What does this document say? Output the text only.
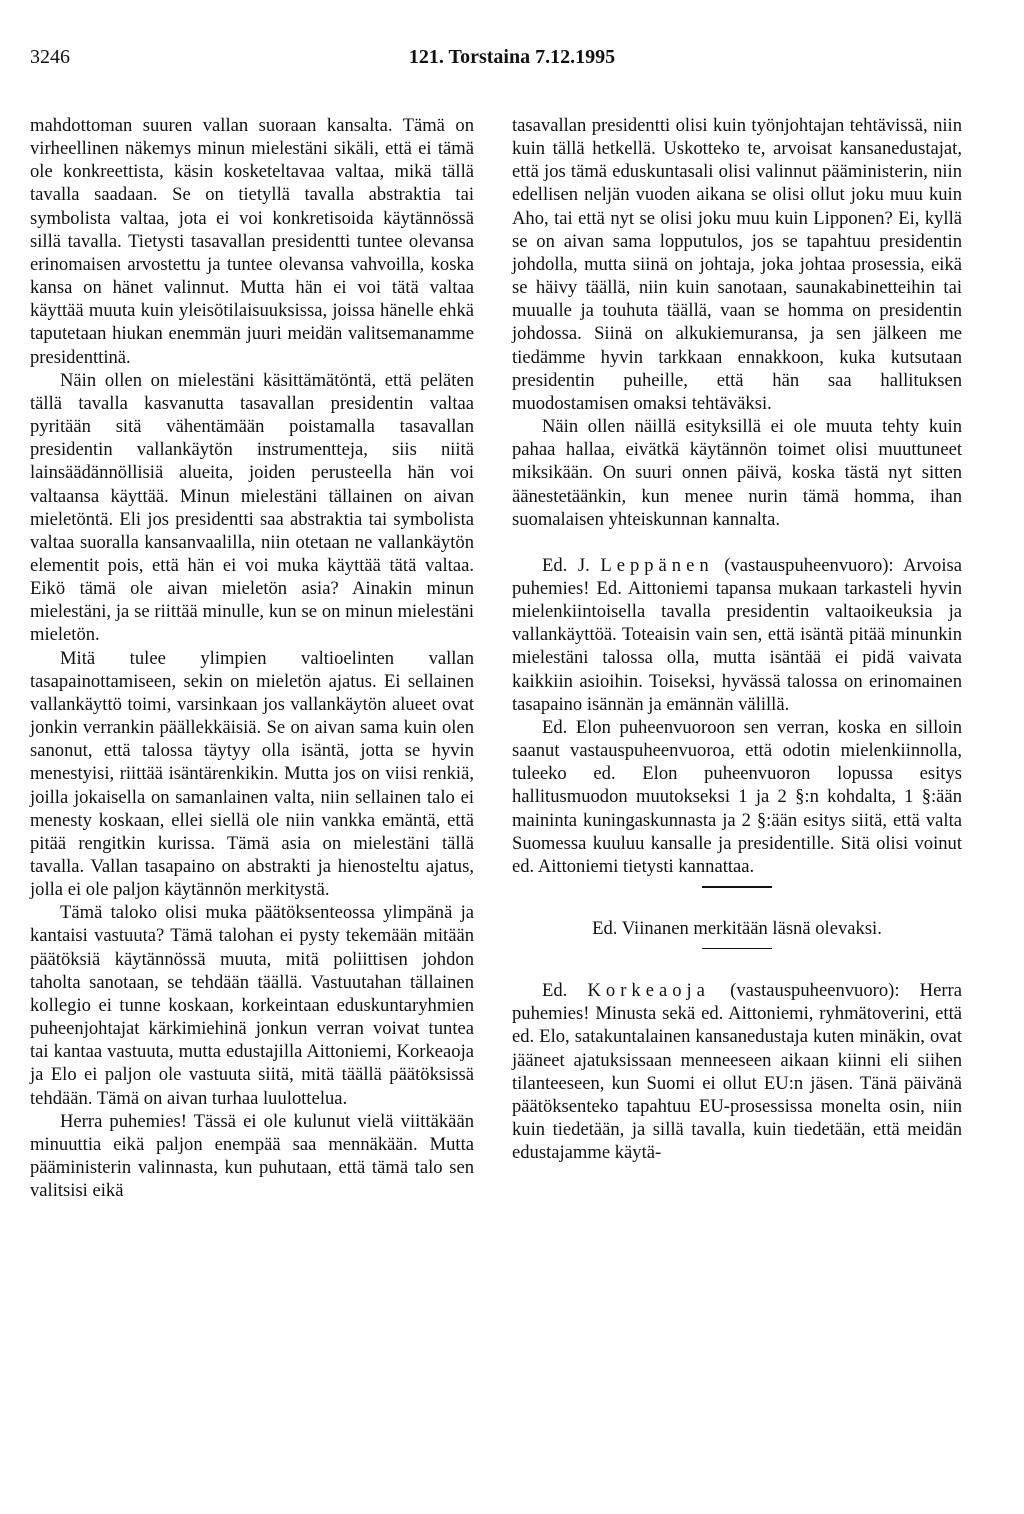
3246	121. Torstaina 7.12.1995

mahdottoman suuren vallan suoraan kansalta. Tämä on virheellinen näkemys minun mielestäni sikäli, että ei tämä ole konkreettista, käsin kosketeltavaa valtaa, mikä tällä tavalla saadaan. Se on tietyllä tavalla abstraktia tai symbolista valtaa, jota ei voi konkretisoida käytännössä sillä tavalla. Tietysti tasavallan presidentti tuntee olevansa erinomaisen arvostettu ja tuntee olevansa vahvoilla, koska kansa on hänet valinnut. Mutta hän ei voi tätä valtaa käyttää muuta kuin yleisötilaisuuksissa, joissa hänelle ehkä taputetaan hiukan enemmän juuri meidän valitsemanamme presidenttinä.

Näin ollen on mielestäni käsittämätöntä, että peläten tällä tavalla kasvanutta tasavallan presidentin valtaa pyritään sitä vähentämään poistamalla tasavallan presidentin vallankäytön instrumentteja, siis niitä lainsäädännöllisiä alueita, joiden perusteella hän voi valtaansa käyttää. Minun mielestäni tällainen on aivan mieletöntä. Eli jos presidentti saa abstraktia tai symbolista valtaa suoralla kansanvaalilla, niin otetaan ne vallankäytön elementit pois, että hän ei voi muka käyttää tätä valtaa. Eikö tämä ole aivan mieletön asia? Ainakin minun mielestäni, ja se riittää minulle, kun se on minun mielestäni mieletön.

Mitä tulee ylimpien valtioelinten vallan tasapainottamiseen, sekin on mieletön ajatus. Ei sellainen vallankäyttö toimi, varsinkaan jos vallankäytön alueet ovat jonkin verrankin päällekkäisiä. Se on aivan sama kuin olen sanonut, että talossa täytyy olla isäntä, jotta se hyvin menestyisi, riittää isäntärenkikin. Mutta jos on viisi renkiä, joilla jokaisella on samanlainen valta, niin sellainen talo ei menesty koskaan, ellei siellä ole niin vankka emäntä, että pitää rengitkin kurissa. Tämä asia on mielestäni tällä tavalla. Vallan tasapaino on abstrakti ja hienosteltu ajatus, jolla ei ole paljon käytännön merkitystä.

Tämä taloko olisi muka päätöksenteossa ylimpänä ja kantaisi vastuuta? Tämä talohan ei pysty tekemään mitään päätöksiä käytännössä muuta, mitä poliittisen johdon taholta sanotaan, se tehdään täällä. Vastuutahan tällainen kollegio ei tunne koskaan, korkeintaan eduskuntaryhmien puheenjohtajat kärkimiehinä jonkun verran voivat tuntea tai kantaa vastuuta, mutta edustajilla Aittoniemi, Korkeaoja ja Elo ei paljon ole vastuuta siitä, mitä täällä päätöksissä tehdään. Tämä on aivan turhaa luulottelua.

Herra puhemies! Tässä ei ole kulunut vielä viittäkään minuuttia eikä paljon enempää saa mennäkään. Mutta pääministerin valinnasta, kun puhutaan, että tämä talo sen valitsisi eikä

tasavallan presidentti olisi kuin työnjohtajan tehtävissä, niin kuin tällä hetkellä. Uskotteko te, arvoisat kansanedustajat, että jos tämä eduskuntasali olisi valinnut pääministerin, niin edellisen neljän vuoden aikana se olisi ollut joku muu kuin Aho, tai että nyt se olisi joku muu kuin Lipponen? Ei, kyllä se on aivan sama lopputulos, jos se tapahtuu presidentin johdolla, mutta siinä on johtaja, joka johtaa prosessia, eikä se häivy täällä, niin kuin sanotaan, saunakabinetteihin tai muualle ja touhuta täällä, vaan se homma on presidentin johdossa. Siinä on alkukiemuransa, ja sen jälkeen me tiedämme hyvin tarkkaan ennakkoon, kuka kutsutaan presidentin puheille, että hän saa hallituksen muodostamisen omaksi tehtäväksi.

Näin ollen näillä esityksillä ei ole muuta tehty kuin pahaa hallaa, eivätkä käytännön toimet olisi muuttuneet miksikään. On suuri onnen päivä, koska tästä nyt sitten äänestetäänkin, kun menee nurin tämä homma, ihan suomalaisen yhteiskunnan kannalta.

Ed. J. Leppänen (vastauspuheenvuoro): Arvoisa puhemies! Ed. Aittoniemi tapansa mukaan tarkasteli hyvin mielenkiintoisella tavalla presidentin valtaoikeuksia ja vallankäyttöä. Toteaisin vain sen, että isäntä pitää minunkin mielestäni talossa olla, mutta isäntää ei pidä vaivata kaikkiin asioihin. Toiseksi, hyvässä talossa on erinomainen tasapaino isännän ja emännän välillä.

Ed. Elon puheenvuoroon sen verran, koska en silloin saanut vastauspuheenvuoroa, että odotin mielenkiinnolla, tuleeko ed. Elon puheenvuoron lopussa esitys hallitusmuodon muutokseksi 1 ja 2 §:n kohdalta, 1 §:ään maininta kuningaskunnasta ja 2 §:ään esitys siitä, että valta Suomessa kuuluu kansalle ja presidentille. Sitä olisi voinut ed. Aittoniemi tietysti kannattaa.

Ed. Viinanen merkitään läsnä olevaksi.

Ed. Korkeaoja (vastauspuheenvuoro): Herra puhemies! Minusta sekä ed. Aittoniemi, ryhmätoverini, että ed. Elo, satakuntalainen kansanedustaja kuten minäkin, ovat jääneet ajatuksissaan menneeseen aikaan kiinni eli siihen tilanteeseen, kun Suomi ei ollut EU:n jäsen. Tänä päivänä päätöksenteko tapahtuu EU-prosessissa monelta osin, niin kuin tiedetään, ja sillä tavalla, kuin tiedetään, että meidän edustajamme käytä-
